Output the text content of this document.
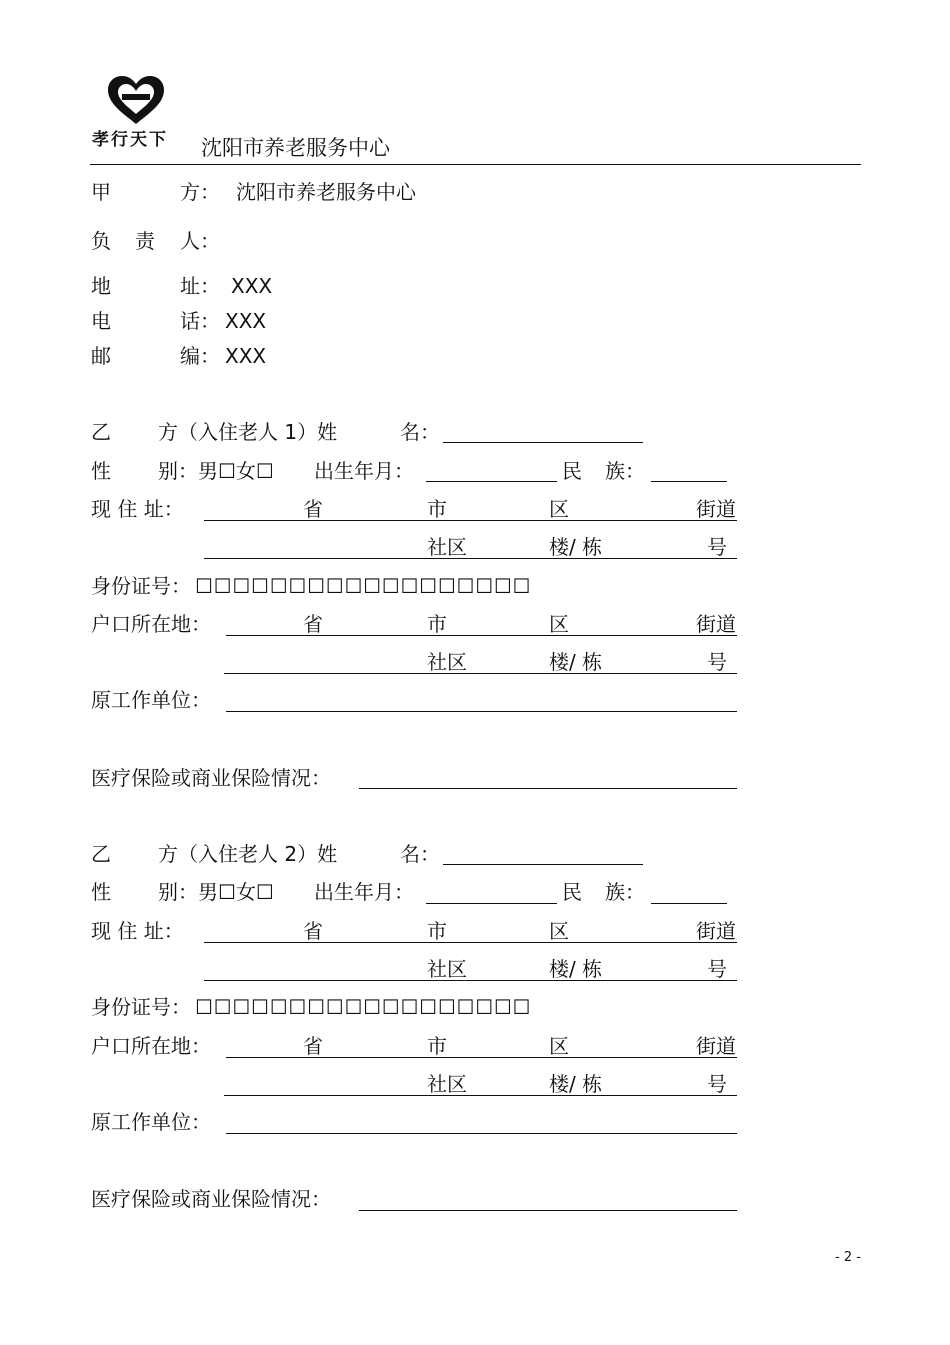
孝行天下 沈阳市养老服务中心
甲	方： 沈阳市养老服务中心
负 责 人：
地	址： XXX
电	话： XXX
邮	编： XXX
乙 方（入住老人 1）姓	名：
性 别：男☐女☐ 出生年月：	民 族：
现 住 址：	省	市	区	街道
社区	楼/ 栋	号
身份证号： ☐☐☐☐☐☐☐☐☐☐☐☐☐☐☐☐☐☐
户口所在地：	省	市	区	街道
社区	楼/ 栋	号
原工作单位：
医疗保险或商业保险情况：
乙 方（入住老人 2）姓	名：
性 别：男☐女☐ 出生年月：	民 族：
现 住 址：	省	市	区	街道
社区	楼/ 栋	号
身份证号： ☐☐☐☐☐☐☐☐☐☐☐☐☐☐☐☐☐☐
户口所在地：	省	市	区	街道
社区	楼/ 栋	号
原工作单位：
医疗保险或商业保险情况：
- 2 -
